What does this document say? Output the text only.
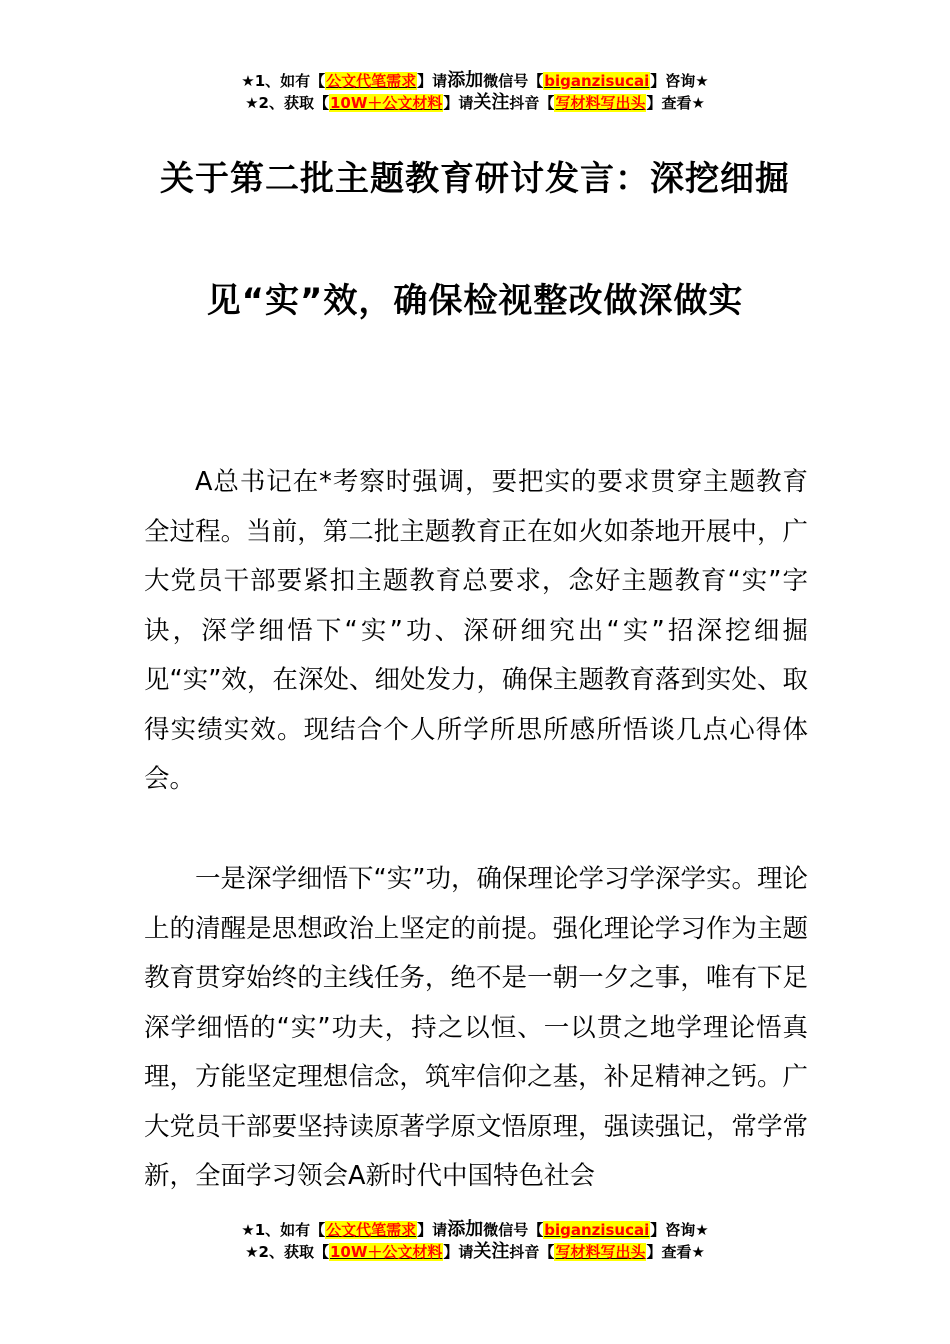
★1、如有【公文代笔需求】请添加微信号【biganzisucai】咨询★
★2、获取【10W＋公文材料】请关注抖音【写材料写出头】查看★
关于第二批主题教育研讨发言：深挖细掘
见“实”效，确保检视整改做深做实

A总书记在*考察时强调，要把实的要求贯穿主题教育全过程。当前，第二批主题教育正在如火如荼地开展中，广大党员干部要紧扣主题教育总要求，念好主题教育“实”字诀，深学细悟下“实”功、深研细究出“实”招深挖细掘见“实”效，在深处、细处发力，确保主题教育落到实处、取得实绩实效。现结合个人所学所思所感所悟谈几点心得体会。

一是深学细悟下“实”功，确保理论学习学深学实。理论上的清醒是思想政治上坚定的前提。强化理论学习作为主题教育贯穿始终的主线任务，绝不是一朝一夕之事，唯有下足深学细悟的“实”功夫，持之以恒、一以贯之地学理论悟真理，方能坚定理想信念，筑牢信仰之基，补足精神之钙。广大党员干部要坚持读原著学原文悟原理，强读强记，常学常新，全面学习领会A新时代中国特色社会

★1、如有【公文代笔需求】请添加微信号【biganzisucai】咨询★
★2、获取【10W＋公文材料】请关注抖音【写材料写出头】查看★
